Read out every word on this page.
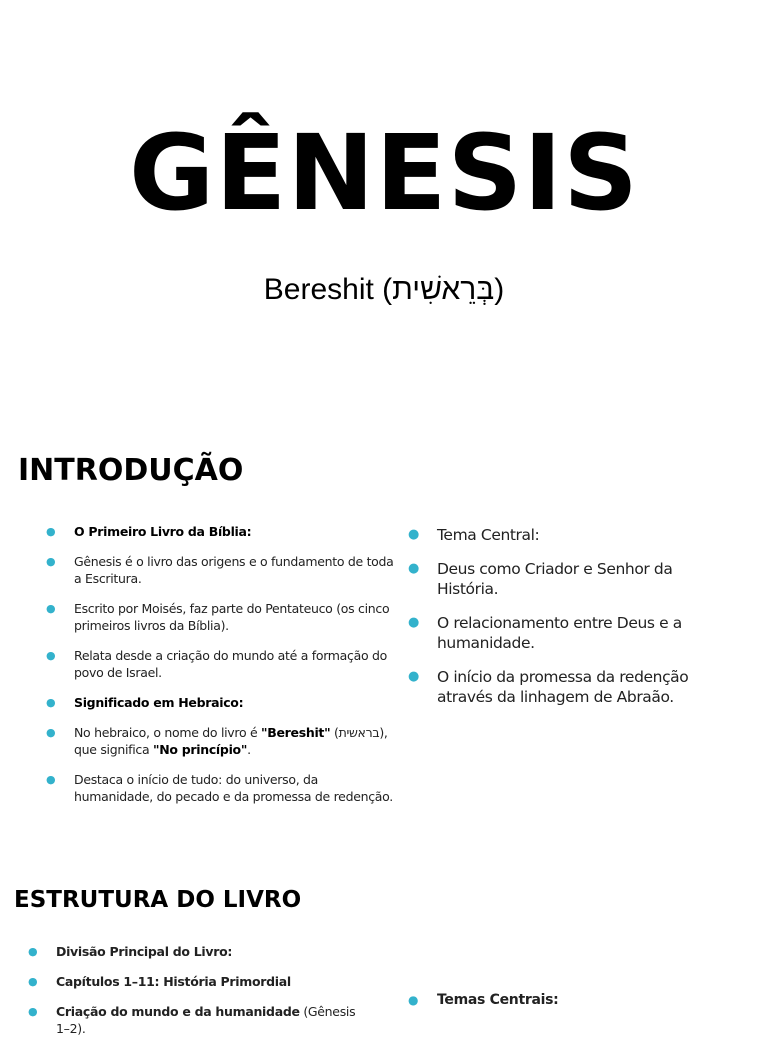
GÊNESIS
Bereshit (בְּרֵאשִׁית)
INTRODUÇÃO
● O Primeiro Livro da Bíblia:
● Gênesis é o livro das origens e o fundamento de toda a Escritura.
● Escrito por Moisés, faz parte do Pentateuco (os cinco primeiros livros da Bíblia).
● Relata desde a criação do mundo até a formação do povo de Israel.
● Significado em Hebraico:
● No hebraico, o nome do livro é "Bereshit" (בראשית), que significa "No princípio".
● Destaca o início de tudo: do universo, da humanidade, do pecado e da promessa de redenção.
● Tema Central:
● Deus como Criador e Senhor da História.
● O relacionamento entre Deus e a humanidade.
● O início da promessa da redenção através da linhagem de Abraão.
ESTRUTURA DO LIVRO
● Divisão Principal do Livro:
● Capítulos 1–11: História Primordial
● Criação do mundo e da humanidade (Gênesis 1–2).
● Temas Centrais:
